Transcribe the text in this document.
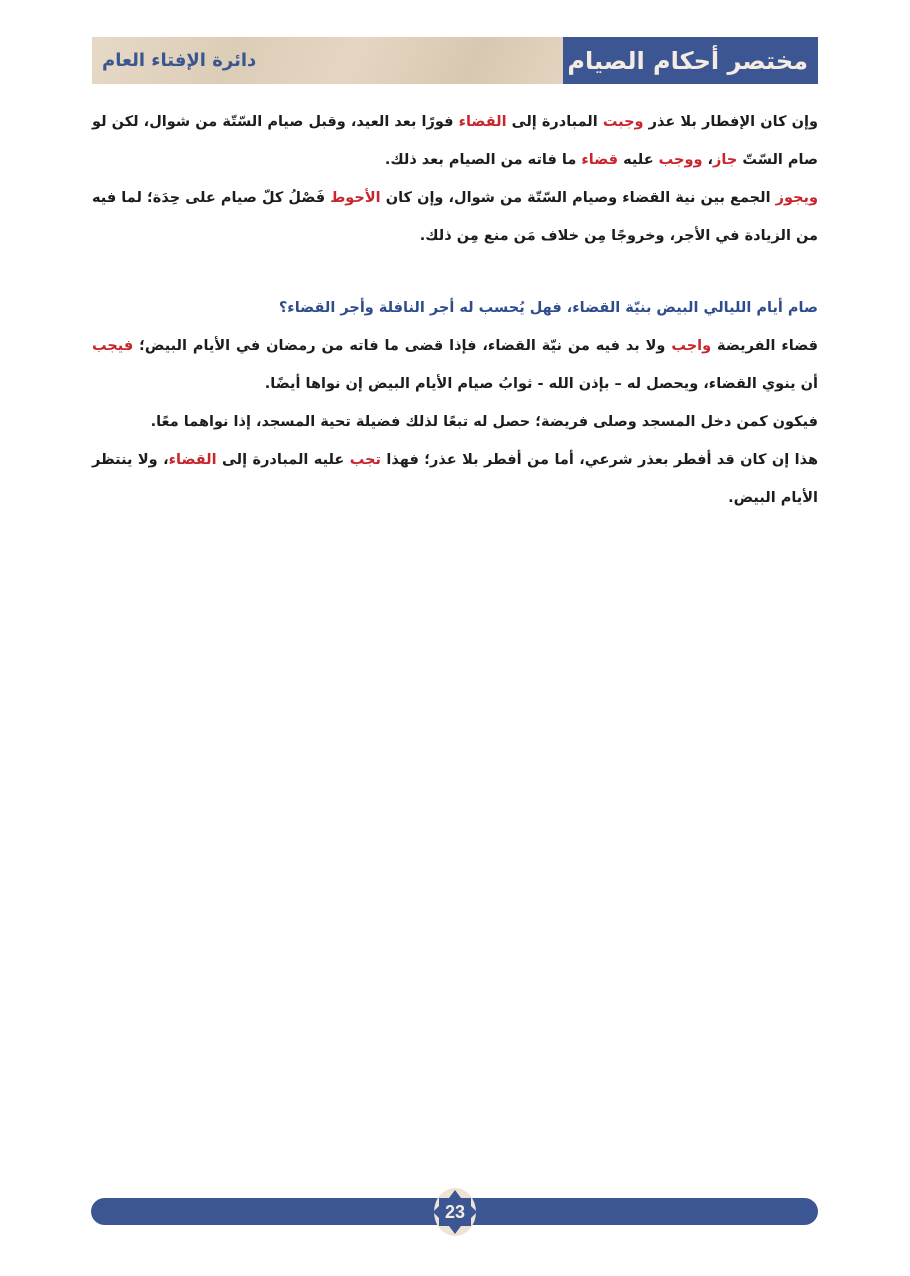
دائرة الإفتاء العام	مختصر أحكام الصيام

وإن كان الإفطار بلا عذر وجبت المبادرة إلى القضاء فورًا بعد العيد، وقبل صيام السّتّة من شوال، لكن لو صام السّتّ جاز، ووجب عليه قضاء ما فاته من الصيام بعد ذلك.

ويجوز الجمع بين نية القضاء وصيام السّتّة من شوال، وإن كان الأحوط فَصْلُ كلّ صيام على حِدَة؛ لما فيه من الزيادة في الأجر، وخروجًا مِن خلاف مَن منع مِن ذلك.

صام أيام الليالي البيض بنيّة القضاء، فهل يُحسب له أجر النافلة وأجر القضاء؟

قضاء الفريضة واجب ولا بد فيه من نيّة القضاء، فإذا قضى ما فاته من رمضان في الأيام البيض؛ فيجب أن ينوي القضاء، ويحصل له – بإذن الله - ثوابُ صيام الأيام البيض إن نواها أيضًا.

فيكون كمن دخل المسجد وصلى فريضة؛ حصل له تبعًا لذلك فضيلة تحية المسجد، إذا نواهما معًا.

هذا إن كان قد أفطر بعذر شرعي، أما من أفطر بلا عذر؛ فهذا تجب عليه المبادرة إلى القضاء، ولا ينتظر الأيام البيض.

23
